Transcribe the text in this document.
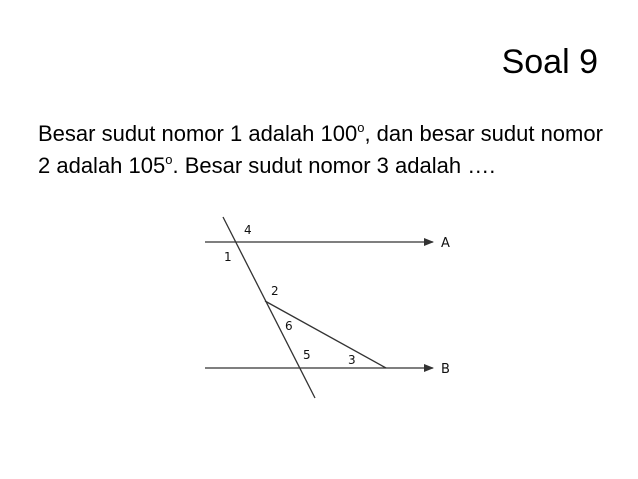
Soal 9
Besar sudut nomor 1 adalah 100$^o$, dan besar sudut nomor 2 adalah 105$^o$. Besar sudut nomor 3 adalah ….
4
1
2
6
5	3
A
B
